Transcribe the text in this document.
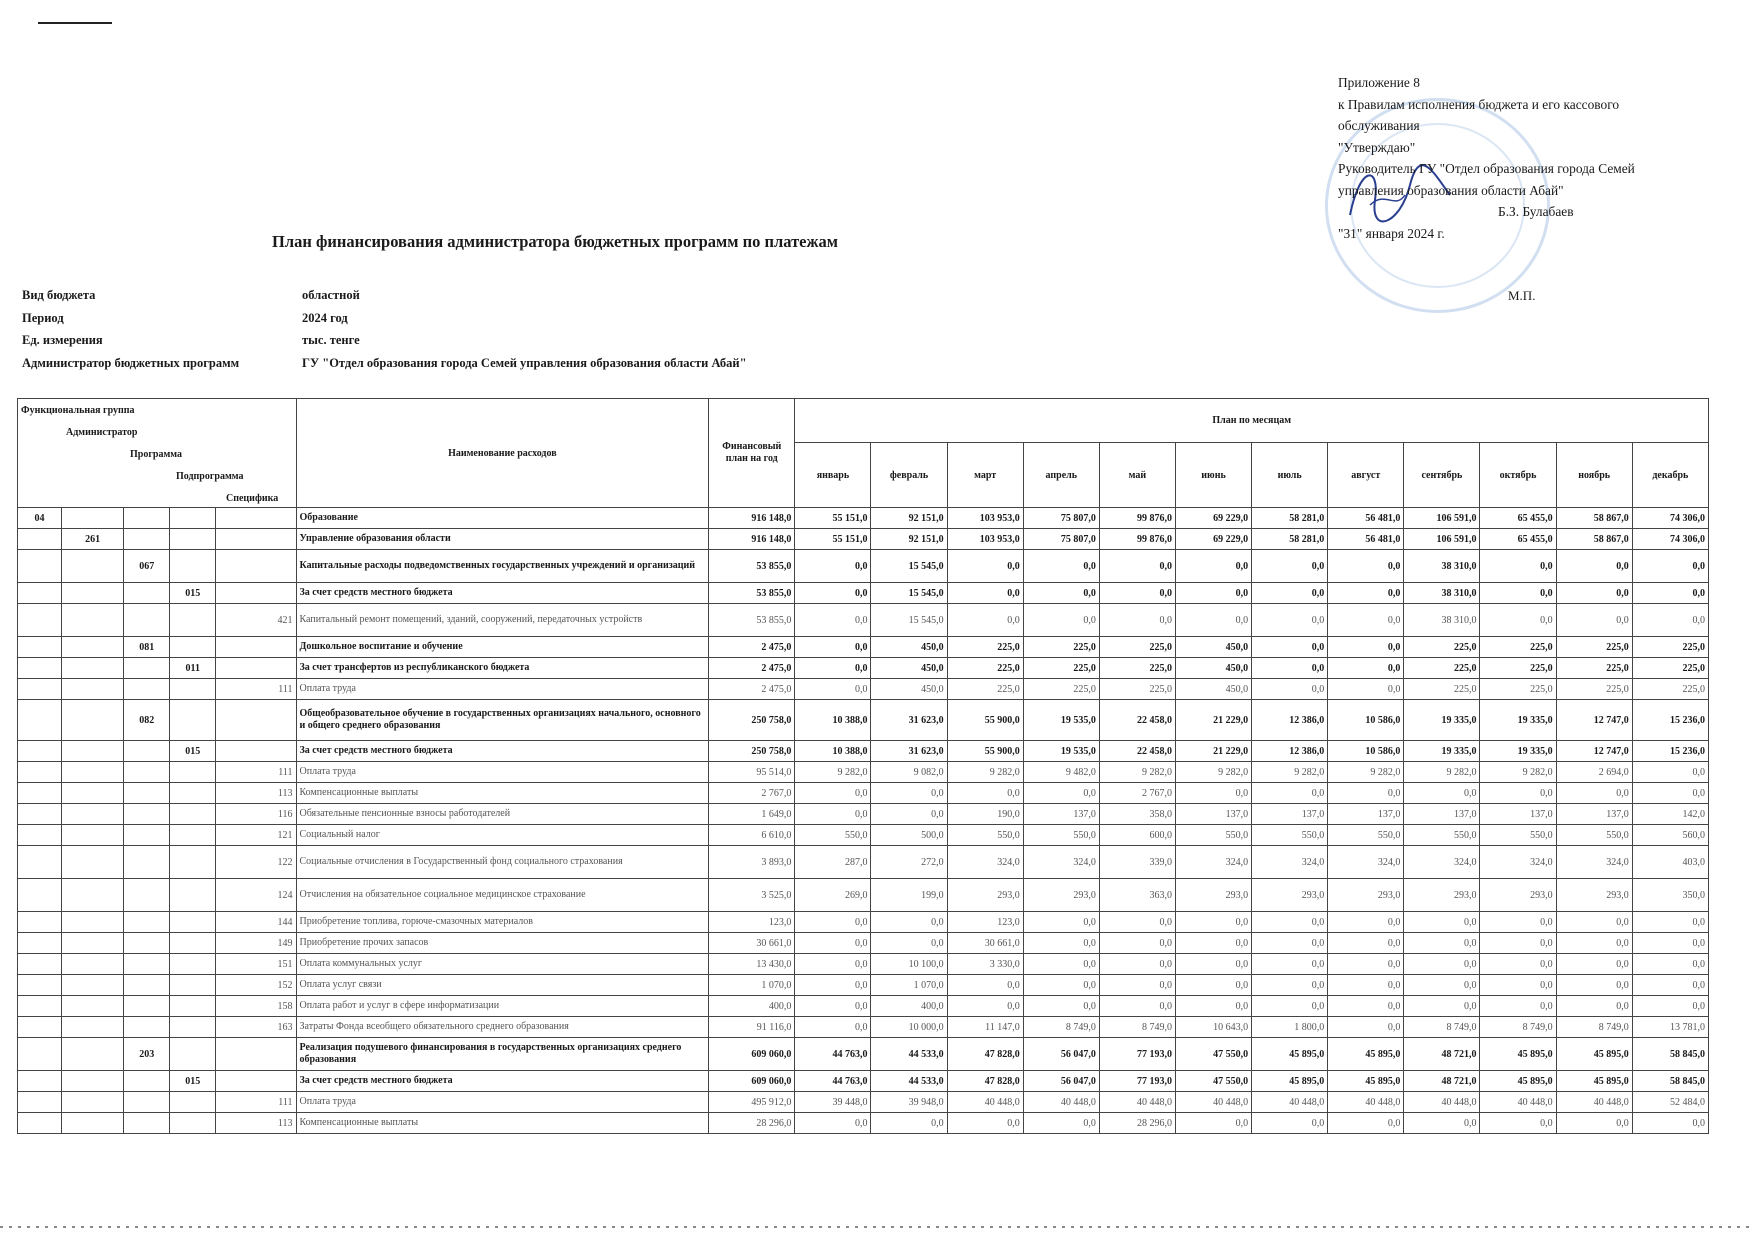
Приложение 8
к Правилам исполнения бюджета и его кассового
обслуживания
"Утверждаю"
Руководитель ГУ "Отдел образования города Семей
управления образования области Абай"
Б.З. Булабаев
"31" января 2024 г.
М.П.
План финансирования администратора бюджетных программ по платежам
Вид бюджета	областной
Период	2024 год
Ед. измерения	тыс. тенге
Администратор бюджетных программ	ГУ "Отдел образования города Семей управления образования области Абай"
Функциональная группа
Администратор
Программа
Подпрограмма
Специфика					Наименование расходов	Финансовый план на год	План по месяцам											
							январь	февраль	март	апрель	май	июнь	июль	август	сентябрь	октябрь	ноябрь	декабрь
04					Образование	916 148,0	55 151,0	92 151,0	103 953,0	75 807,0	99 876,0	69 229,0	58 281,0	56 481,0	106 591,0	65 455,0	58 867,0	74 306,0
	261				Управление образования области	916 148,0	55 151,0	92 151,0	103 953,0	75 807,0	99 876,0	69 229,0	58 281,0	56 481,0	106 591,0	65 455,0	58 867,0	74 306,0
		067			Капитальные расходы подведомственных государственных учреждений и организаций	53 855,0	0,0	15 545,0	0,0	0,0	0,0	0,0	0,0	0,0	38 310,0	0,0	0,0	0,0
			015		За счет средств местного бюджета	53 855,0	0,0	15 545,0	0,0	0,0	0,0	0,0	0,0	0,0	38 310,0	0,0	0,0	0,0
				421	Капитальный ремонт помещений, зданий, сооружений, передаточных устройств	53 855,0	0,0	15 545,0	0,0	0,0	0,0	0,0	0,0	0,0	38 310,0	0,0	0,0	0,0
		081			Дошкольное воспитание и обучение	2 475,0	0,0	450,0	225,0	225,0	225,0	450,0	0,0	0,0	225,0	225,0	225,0	225,0
			011		За счет трансфертов из республиканского бюджета	2 475,0	0,0	450,0	225,0	225,0	225,0	450,0	0,0	0,0	225,0	225,0	225,0	225,0
				111	Оплата труда	2 475,0	0,0	450,0	225,0	225,0	225,0	450,0	0,0	0,0	225,0	225,0	225,0	225,0
		082			Общеобразовательное обучение в государственных организациях начального, основного и общего среднего образования	250 758,0	10 388,0	31 623,0	55 900,0	19 535,0	22 458,0	21 229,0	12 386,0	10 586,0	19 335,0	19 335,0	12 747,0	15 236,0
			015		За счет средств местного бюджета	250 758,0	10 388,0	31 623,0	55 900,0	19 535,0	22 458,0	21 229,0	12 386,0	10 586,0	19 335,0	19 335,0	12 747,0	15 236,0
				111	Оплата труда	95 514,0	9 282,0	9 082,0	9 282,0	9 482,0	9 282,0	9 282,0	9 282,0	9 282,0	9 282,0	9 282,0	2 694,0	0,0
				113	Компенсационные выплаты	2 767,0	0,0	0,0	0,0	0,0	2 767,0	0,0	0,0	0,0	0,0	0,0	0,0	0,0
				116	Обязательные пенсионные взносы работодателей	1 649,0	0,0	0,0	190,0	137,0	358,0	137,0	137,0	137,0	137,0	137,0	137,0	142,0
				121	Социальный налог	6 610,0	550,0	500,0	550,0	550,0	600,0	550,0	550,0	550,0	550,0	550,0	550,0	560,0
				122	Социальные отчисления в Государственный фонд социального страхования	3 893,0	287,0	272,0	324,0	324,0	339,0	324,0	324,0	324,0	324,0	324,0	324,0	403,0
				124	Отчисления на обязательное социальное медицинское страхование	3 525,0	269,0	199,0	293,0	293,0	363,0	293,0	293,0	293,0	293,0	293,0	293,0	350,0
				144	Приобретение топлива, горюче-смазочных материалов	123,0	0,0	0,0	123,0	0,0	0,0	0,0	0,0	0,0	0,0	0,0	0,0	0,0
				149	Приобретение прочих запасов	30 661,0	0,0	0,0	30 661,0	0,0	0,0	0,0	0,0	0,0	0,0	0,0	0,0	0,0
				151	Оплата коммунальных услуг	13 430,0	0,0	10 100,0	3 330,0	0,0	0,0	0,0	0,0	0,0	0,0	0,0	0,0	0,0
				152	Оплата услуг связи	1 070,0	0,0	1 070,0	0,0	0,0	0,0	0,0	0,0	0,0	0,0	0,0	0,0	0,0
				158	Оплата работ и услуг в сфере информатизации	400,0	0,0	400,0	0,0	0,0	0,0	0,0	0,0	0,0	0,0	0,0	0,0	0,0
				163	Затраты Фонда всеобщего обязательного среднего образования	91 116,0	0,0	10 000,0	11 147,0	8 749,0	8 749,0	10 643,0	1 800,0	0,0	8 749,0	8 749,0	8 749,0	13 781,0
		203			Реализация подушевого финансирования в государственных организациях среднего образования	609 060,0	44 763,0	44 533,0	47 828,0	56 047,0	77 193,0	47 550,0	45 895,0	45 895,0	48 721,0	45 895,0	45 895,0	58 845,0
			015		За счет средств местного бюджета	609 060,0	44 763,0	44 533,0	47 828,0	56 047,0	77 193,0	47 550,0	45 895,0	45 895,0	48 721,0	45 895,0	45 895,0	58 845,0
				111	Оплата труда	495 912,0	39 448,0	39 948,0	40 448,0	40 448,0	40 448,0	40 448,0	40 448,0	40 448,0	40 448,0	40 448,0	40 448,0	52 484,0
				113	Компенсационные выплаты	28 296,0	0,0	0,0	0,0	0,0	28 296,0	0,0	0,0	0,0	0,0	0,0	0,0	0,0
